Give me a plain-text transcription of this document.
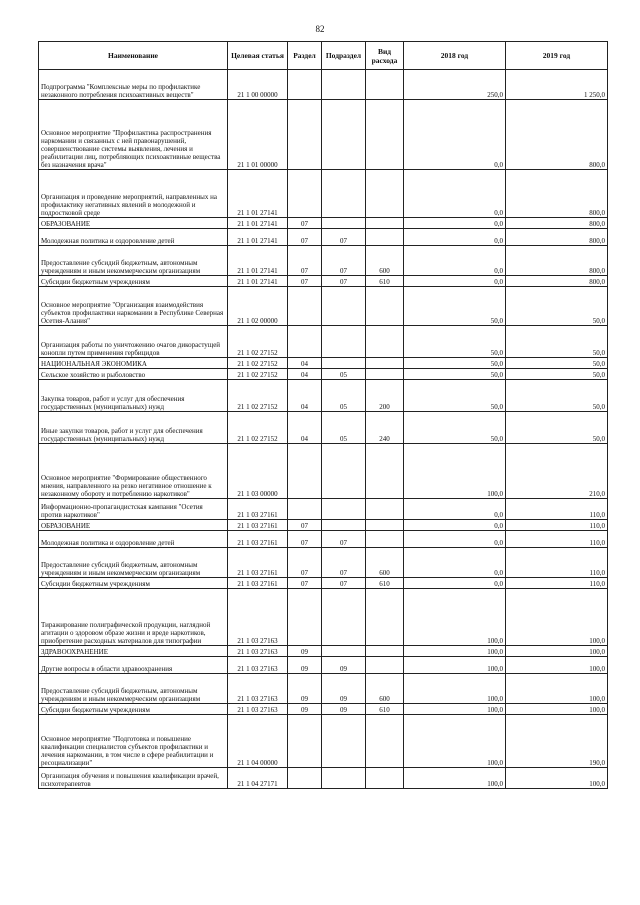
82
Наименование	Целевая статья	Раздел	Подраздел	Вид расхода	2018 год	2019 год
Подпрограмма "Комплексные меры по профилактике незаконного потребления психоактивных веществ"	21 1 00 00000				250,0	1 250,0
Основное мероприятие "Профилактика распространения наркомании и связанных с ней правонарушений, совершенствование системы выявления, лечения и реабилитации лиц, потребляющих психоактивные вещества без назначения врача"	21 1 01 00000				0,0	800,0
Организация и проведение мероприятий, направленных на профилактику негативных явлений в молодежной и подростковой среде	21 1 01 27141				0,0	800,0
ОБРАЗОВАНИЕ	21 1 01 27141	07			0,0	800,0
Молодежная политика и оздоровление детей	21 1 01 27141	07	07		0,0	800,0
Предоставление субсидий бюджетным, автономным учреждениям и иным некоммерческим организациям	21 1 01 27141	07	07	600	0,0	800,0
Субсидии бюджетным учреждениям	21 1 01 27141	07	07	610	0,0	800,0
Основное мероприятие "Организация взаимодействия субъектов профилактики наркомании в Республике Северная Осетия-Алания"	21 1 02 00000				50,0	50,0
Организация работы по уничтожению очагов дикорастущей конопли путем применения гербицидов	21 1 02 27152				50,0	50,0
НАЦИОНАЛЬНАЯ ЭКОНОМИКА	21 1 02 27152	04			50,0	50,0
Сельское хозяйство и рыболовство	21 1 02 27152	04	05		50,0	50,0
Закупка товаров, работ и услуг для обеспечения государственных (муниципальных) нужд	21 1 02 27152	04	05	200	50,0	50,0
Иные закупки товаров, работ и услуг для обеспечения государственных (муниципальных) нужд	21 1 02 27152	04	05	240	50,0	50,0
Основное мероприятие "Формирование общественного мнения, направленного на резко негативное отношение к незаконному обороту и потреблению наркотиков"	21 1 03 00000				100,0	210,0
Информационно-пропагандистская кампания "Осетия против наркотиков"	21 1 03 27161				0,0	110,0
ОБРАЗОВАНИЕ	21 1 03 27161	07			0,0	110,0
Молодежная политика и оздоровление детей	21 1 03 27161	07	07		0,0	110,0
Предоставление субсидий бюджетным, автономным учреждениям и иным некоммерческим организациям	21 1 03 27161	07	07	600	0,0	110,0
Субсидии бюджетным учреждениям	21 1 03 27161	07	07	610	0,0	110,0
Тиражирование полиграфической продукции, наглядной агитации о здоровом образе жизни и вреде наркотиков, приобретение расходных материалов для типографии	21 1 03 27163				100,0	100,0
ЗДРАВООХРАНЕНИЕ	21 1 03 27163	09			100,0	100,0
Другие вопросы в области здравоохранения	21 1 03 27163	09	09		100,0	100,0
Предоставление субсидий бюджетным, автономным учреждениям и иным некоммерческим организациям	21 1 03 27163	09	09	600	100,0	100,0
Субсидии бюджетным учреждениям	21 1 03 27163	09	09	610	100,0	100,0
Основное мероприятие "Подготовка и повышение квалификации специалистов субъектов профилактики и лечения наркомании, в том числе в сфере реабилитации и ресоциализации"	21 1 04 00000				100,0	190,0
Организация обучения и повышения квалификации врачей, психотерапевтов	21 1 04 27171				100,0	100,0
